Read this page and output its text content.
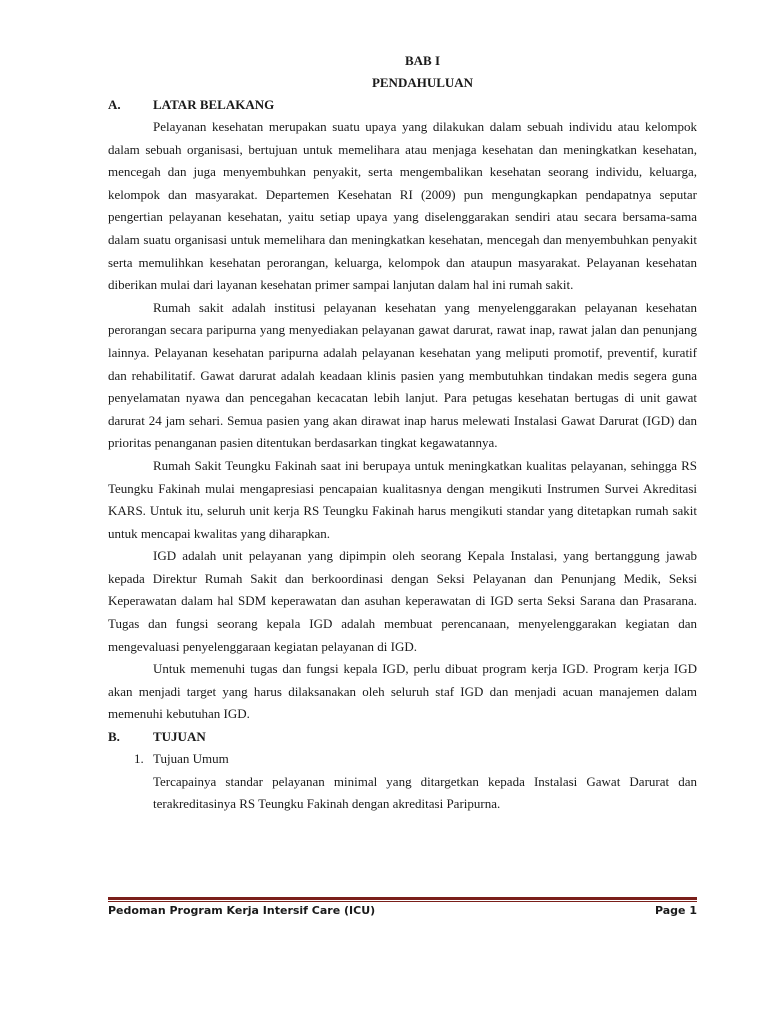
BAB I

PENDAHULUAN

A.	LATAR BELAKANG

Pelayanan kesehatan merupakan suatu upaya yang dilakukan dalam sebuah individu atau kelompok dalam sebuah organisasi, bertujuan untuk memelihara atau menjaga kesehatan dan meningkatkan kesehatan, mencegah dan juga menyembuhkan penyakit, serta mengembalikan kesehatan seorang individu, keluarga, kelompok dan masyarakat. Departemen Kesehatan RI (2009) pun mengungkapkan pendapatnya seputar pengertian pelayanan kesehatan, yaitu setiap upaya yang diselenggarakan sendiri atau secara bersama-sama dalam suatu organisasi untuk memelihara dan meningkatkan kesehatan, mencegah dan menyembuhkan penyakit serta memulihkan kesehatan perorangan, keluarga, kelompok dan ataupun masyarakat. Pelayanan kesehatan diberikan mulai dari layanan kesehatan primer sampai lanjutan dalam hal ini rumah sakit.

Rumah sakit adalah institusi pelayanan kesehatan yang menyelenggarakan pelayanan kesehatan perorangan secara paripurna yang menyediakan pelayanan gawat darurat, rawat inap, rawat jalan dan penunjang lainnya. Pelayanan kesehatan paripurna adalah pelayanan kesehatan yang meliputi promotif, preventif, kuratif dan rehabilitatif. Gawat darurat adalah keadaan klinis pasien yang membutuhkan tindakan medis segera guna penyelamatan nyawa dan pencegahan kecacatan lebih lanjut. Para petugas kesehatan bertugas di unit gawat darurat 24 jam sehari. Semua pasien yang akan dirawat inap harus melewati Instalasi Gawat Darurat (IGD) dan prioritas penanganan pasien ditentukan berdasarkan tingkat kegawatannya.

Rumah Sakit Teungku Fakinah saat ini berupaya untuk meningkatkan kualitas pelayanan, sehingga RS Teungku Fakinah mulai mengapresiasi pencapaian kualitasnya dengan mengikuti Instrumen Survei Akreditasi KARS. Untuk itu, seluruh unit kerja RS Teungku Fakinah harus mengikuti standar yang ditetapkan rumah sakit untuk mencapai kwalitas yang diharapkan.

IGD adalah unit pelayanan yang dipimpin oleh seorang Kepala Instalasi, yang bertanggung jawab kepada Direktur Rumah Sakit dan berkoordinasi dengan Seksi Pelayanan dan Penunjang Medik, Seksi Keperawatan dalam hal SDM keperawatan dan asuhan keperawatan di IGD serta Seksi Sarana dan Prasarana. Tugas dan fungsi seorang kepala IGD adalah membuat perencanaan, menyelenggarakan kegiatan dan mengevaluasi penyelenggaraan kegiatan pelayanan di IGD.

Untuk memenuhi tugas dan fungsi kepala IGD, perlu dibuat program kerja IGD. Program kerja IGD akan menjadi target yang harus dilaksanakan oleh seluruh staf IGD dan menjadi acuan manajemen dalam memenuhi kebutuhan IGD.

B.	TUJUAN
1. Tujuan Umum

Tercapainya standar pelayanan minimal yang ditargetkan kepada Instalasi Gawat Darurat dan terakreditasinya RS Teungku Fakinah dengan akreditasi Paripurna.

Pedoman Program Kerja Intersif Care (ICU)	Page 1
